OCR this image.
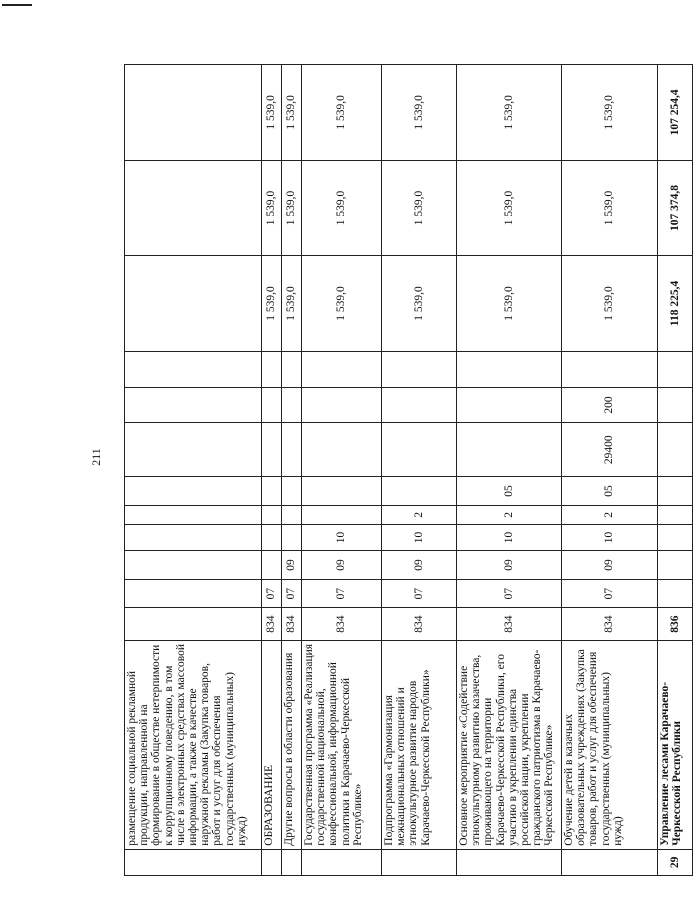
211
	размещение социальной рекламной продукции, направленной на формирование в обществе нетерпимости к коррупционному поведению, в том числе в электронных средствах массовой информации, а также в качестве наружной рекламы (Закупка товаров, работ и услуг для обеспечения государственных (муниципальных) нужд)												
	ОБРАЗОВАНИЕ	834	07								1 539,0	1 539,0	1 539,0
	Другие вопросы в области образования	834	07	09							1 539,0	1 539,0	1 539,0
	Государственная программа «Реализация государственной национальной, конфессиональной, информационной политики в Карачаево-Черкесской Республике»	834	07	09	10						1 539,0	1 539,0	1 539,0
	Подпрограмма «Гармонизация межнациональных отношений и этнокультурное развитие народов Карачаево-Черкесской Республики»	834	07	09	10	2					1 539,0	1 539,0	1 539,0
	Основное мероприятие «Содействие этнокультурному развитию казачества, проживающего на территории Карачаево-Черкесской Республики, его участию в укреплении единства российской нации, укреплении гражданского патриотизма в Карачаево-Черкесской Республике»	834	07	09	10	2	05				1 539,0	1 539,0	1 539,0
	Обучение детей в казачьих образовательных учреждениях (Закупка товаров, работ и услуг для обеспечения государственных (муниципальных) нужд)	834	07	09	10	2	05	29400	200		1 539,0	1 539,0	1 539,0
29	Управление лесами Карачаево-Черкесской Республики	836									118 225,4	107 374,8	107 254,4
